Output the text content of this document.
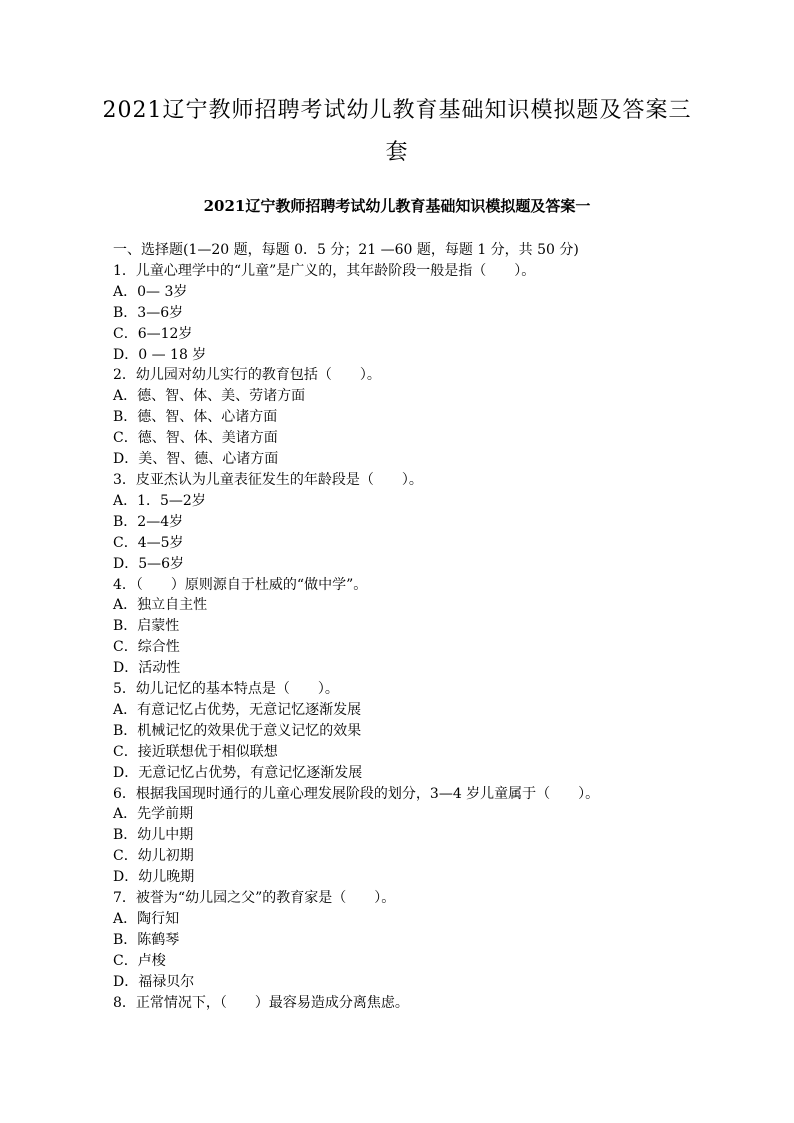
2021辽宁教师招聘考试幼儿教育基础知识模拟题及答案三
套
2021辽宁教师招聘考试幼儿教育基础知识模拟题及答案一
一、选择题(1—20 题，每题 0．5 分；21 —60 题，每题 1 分，共 50 分)
1．儿童心理学中的“儿童”是广义的，其年龄阶段一般是指（　　）。
A．0— 3岁
B．3—6岁
C．6—12岁
D．0 — 18 岁
2．幼儿园对幼儿实行的教育包括（　　）。
A．德、智、体、美、劳诸方面
B．德、智、体、心诸方面
C．德、智、体、美诸方面
D．美、智、德、心诸方面
3．皮亚杰认为儿童表征发生的年龄段是（　　）。
A．1．5—2岁
B．2—4岁
C．4—5岁
D．5—6岁
4．（　　）原则源自于杜威的“做中学”。
A．独立自主性
B．启蒙性
C．综合性
D．活动性
5．幼儿记忆的基本特点是（　　）。
A．有意记忆占优势，无意记忆逐渐发展
B．机械记忆的效果优于意义记忆的效果
C．接近联想优于相似联想
D．无意记忆占优势，有意记忆逐渐发展
6．根据我国现时通行的儿童心理发展阶段的划分，3—4 岁儿童属于（　　）。
A．先学前期
B．幼儿中期
C．幼儿初期
D．幼儿晚期
7．被誉为“幼儿园之父”的教育家是（　　）。
A．陶行知
B．陈鹤琴
C．卢梭
D．福禄贝尔
8．正常情况下，（　　）最容易造成分离焦虑。
